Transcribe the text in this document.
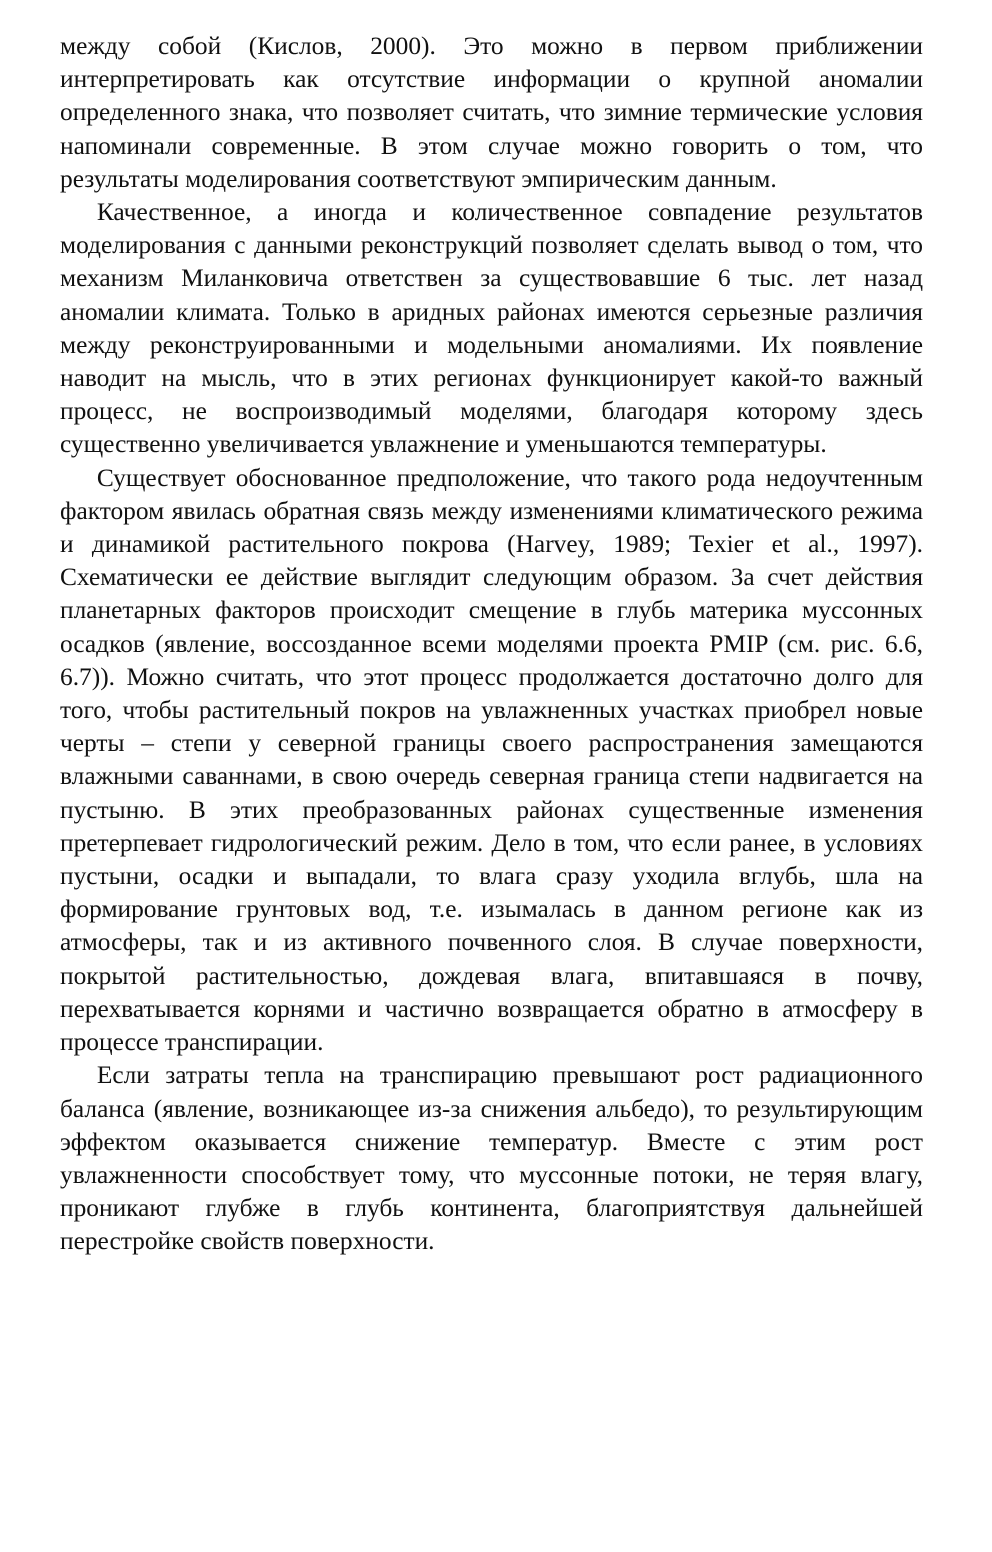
между собой (Кислов, 2000). Это можно в первом приближении интерпретировать как отсутствие информации о крупной аномалии определенного знака, что позволяет считать, что зимние термические условия напоминали современные. В этом случае можно говорить о том, что результаты моделирования соответствуют эмпирическим данным.

Качественное, а иногда и количественное совпадение результатов моделирования с данными реконструкций позволяет сделать вывод о том, что механизм Миланковича ответствен за существовавшие 6 тыс. лет назад аномалии климата. Только в аридных районах имеются серьезные различия между реконструированными и модельными аномалиями. Их появление наводит на мысль, что в этих регионах функционирует какой-то важный процесс, не воспроизводимый моделями, благодаря которому здесь существенно увеличивается увлажнение и уменьшаются температуры.

Существует обоснованное предположение, что такого рода недоучтенным фактором явилась обратная связь между изменениями климатического режима и динамикой растительного покрова (Harvey, 1989; Texier et al., 1997). Схематически ее действие выглядит следующим образом. За счет действия планетарных факторов происходит смещение в глубь материка муссонных осадков (явление, воссозданное всеми моделями проекта PMIP (см. рис. 6.6, 6.7)). Можно считать, что этот процесс продолжается достаточно долго для того, чтобы растительный покров на увлажненных участках приобрел новые черты – степи у северной границы своего распространения замещаются влажными саваннами, в свою очередь северная граница степи надвигается на пустыню. В этих преобразованных районах существенные изменения претерпевает гидрологический режим. Дело в том, что если ранее, в условиях пустыни, осадки и выпадали, то влага сразу уходила вглубь, шла на формирование грунтовых вод, т.е. изымалась в данном регионе как из атмосферы, так и из активного почвенного слоя. В случае поверхности, покрытой растительностью, дождевая влага, впитавшаяся в почву, перехватывается корнями и частично возвращается обратно в атмосферу в процессе транспирации.

Если затраты тепла на транспирацию превышают рост радиационного баланса (явление, возникающее из-за снижения альбедо), то результирующим эффектом оказывается снижение температур. Вместе с этим рост увлажненности способствует тому, что муссонные потоки, не теряя влагу, проникают глубже в глубь континента, благоприятствуя дальнейшей перестройке свойств поверхности.
